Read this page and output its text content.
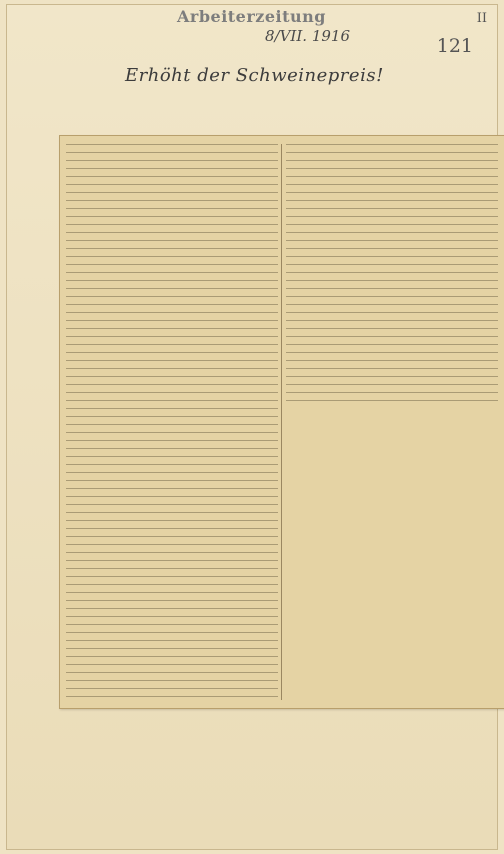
Arbeiterzeitung
8/VII. 1916
II
121
Erhöht der Schweinepreis!
